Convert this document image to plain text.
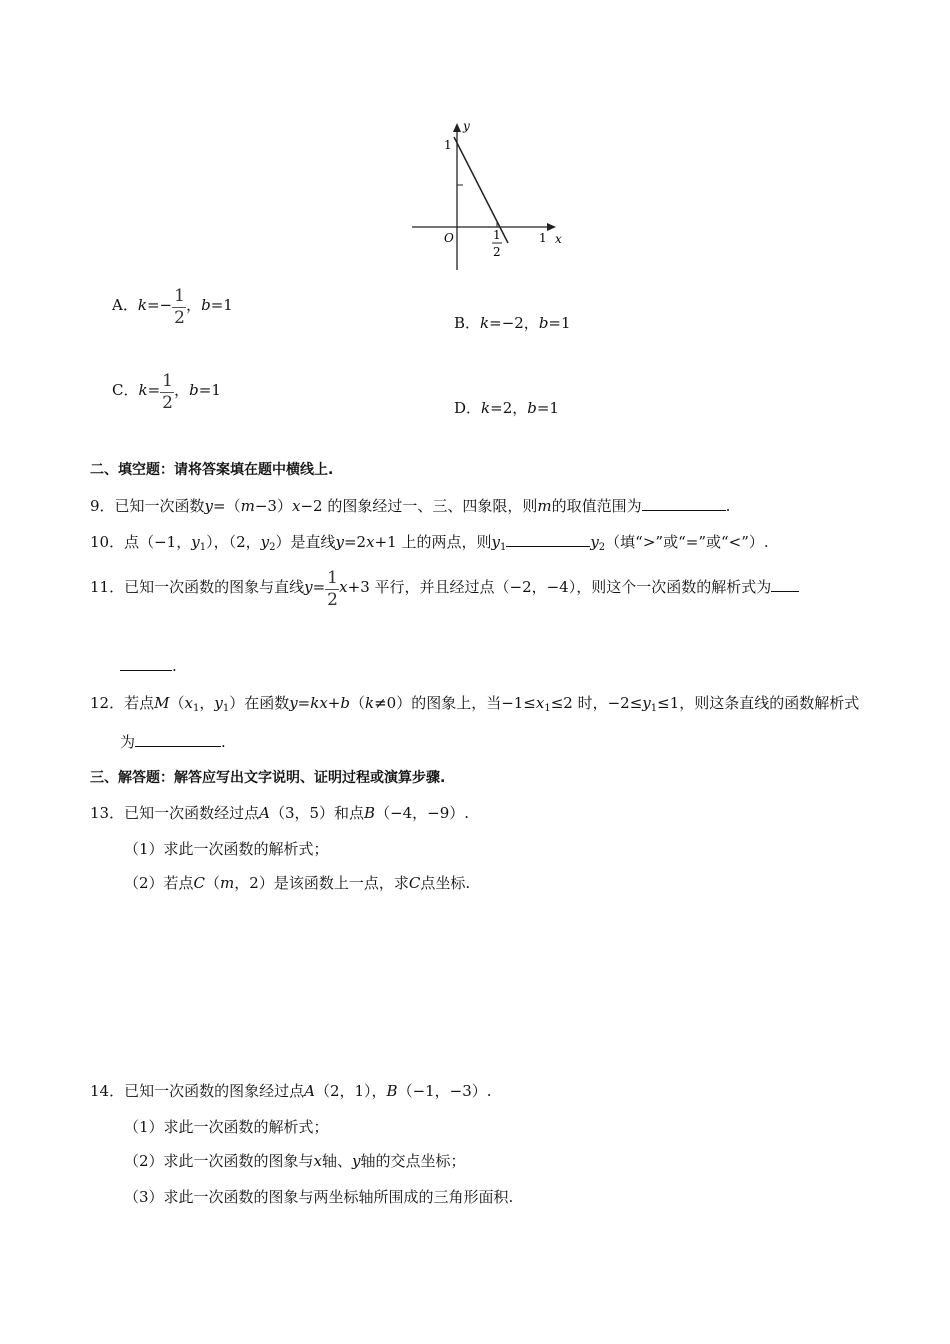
y
1
O	1 x
1
2
A．$k=- \frac{1}{2}$ ，b=1
B．k=−2，b=1
C．$k= \frac{1}{2}$ ，b=1
D．k=2，b=1
二、填空题：请将答案填在题中横线上.
9．已知一次函数y=（m−3）x−2 的图象经过一、三、四象限，则m的取值范围为	.
10．点（−1，$y_1$），（2，$y_2$）是直线y=2x+1 上的两点，则$y_1$	$y_2$（填“>”或“=”或“<”）.
11．已知一次函数的图象与直线$y= \frac{1}{2} x+3$ 平行，并且经过点（−2，−4），则这个一次函数的解析式为
.
12．若点$M(x_1$，$y_1$）在函数y=kx+b（k≠0）的图象上，当$-1\le x_1\le 2$ 时，$-2\le y_1\le 1$，则这条直线的函数解析式
为	.
三、解答题：解答应写出文字说明、证明过程或演算步骤.
13．已知一次函数经过点A（3，5）和点B（−4，−9）.
（1）求此一次函数的解析式；
（2）若点C（m，2）是该函数上一点，求C点坐标.
14．已知一次函数的图象经过点A（2，1），B（−1，−3）.
（1）求此一次函数的解析式；
（2）求此一次函数的图象与x轴、y轴的交点坐标；
（3）求此一次函数的图象与两坐标轴所围成的三角形面积.
